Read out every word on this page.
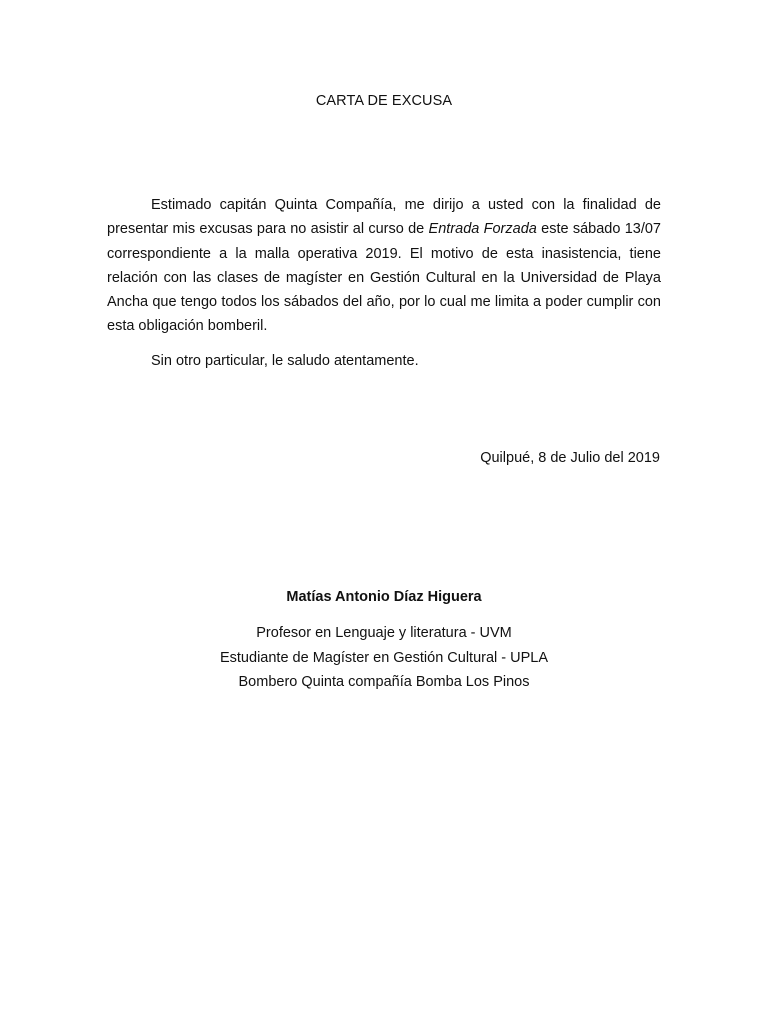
CARTA DE EXCUSA

Estimado capitán Quinta Compañía, me dirijo a usted con la finalidad de presentar mis excusas para no asistir al curso de Entrada Forzada este sábado 13/07 correspondiente a la malla operativa 2019. El motivo de esta inasistencia, tiene relación con las clases de magíster en Gestión Cultural en la Universidad de Playa Ancha que tengo todos los sábados del año, por lo cual me limita a poder cumplir con esta obligación bomberil.

Sin otro particular, le saludo atentamente.

Quilpué, 8 de Julio del 2019
Matías Antonio Díaz Higuera
Profesor en Lenguaje y literatura - UVM
Estudiante de Magíster en Gestión Cultural - UPLA
Bombero Quinta compañía Bomba Los Pinos
